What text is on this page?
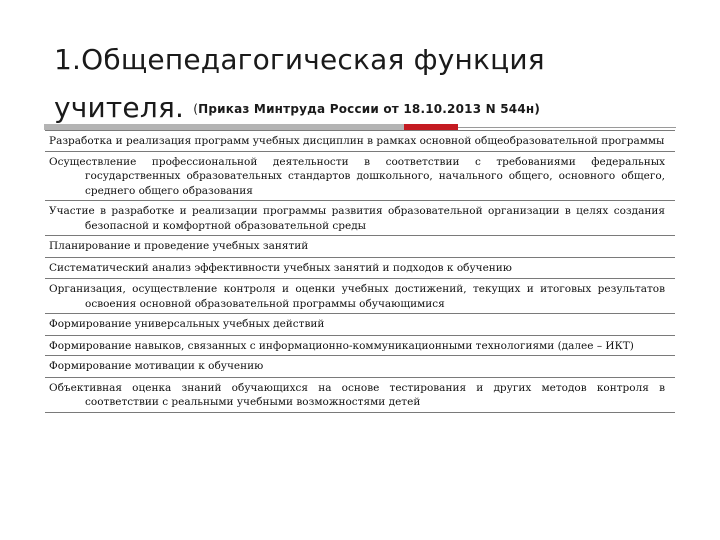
1.Общепедагогическая функция
учителя. (Приказ Минтруда России от 18.10.2013 N 544н)
Разработка и реализация программ учебных дисциплин в рамках основной общеобразовательной программы
Осуществление профессиональной деятельности в соответствии с требованиями федеральных государственных образовательных стандартов дошкольного, начального общего, основного общего, среднего общего образования
Участие в разработке и реализации программы развития образовательной организации в целях создания безопасной и комфортной образовательной среды
Планирование и проведение учебных занятий
Систематический анализ эффективности учебных занятий и подходов к обучению
Организация, осуществление контроля и оценки учебных достижений, текущих и итоговых результатов освоения основной образовательной программы обучающимися
Формирование универсальных учебных действий
Формирование навыков, связанных с информационно-коммуникационными технологиями (далее – ИКТ)
Формирование мотивации к обучению
Объективная оценка знаний обучающихся на основе тестирования и других методов контроля в соответствии с реальными учебными возможностями детей
